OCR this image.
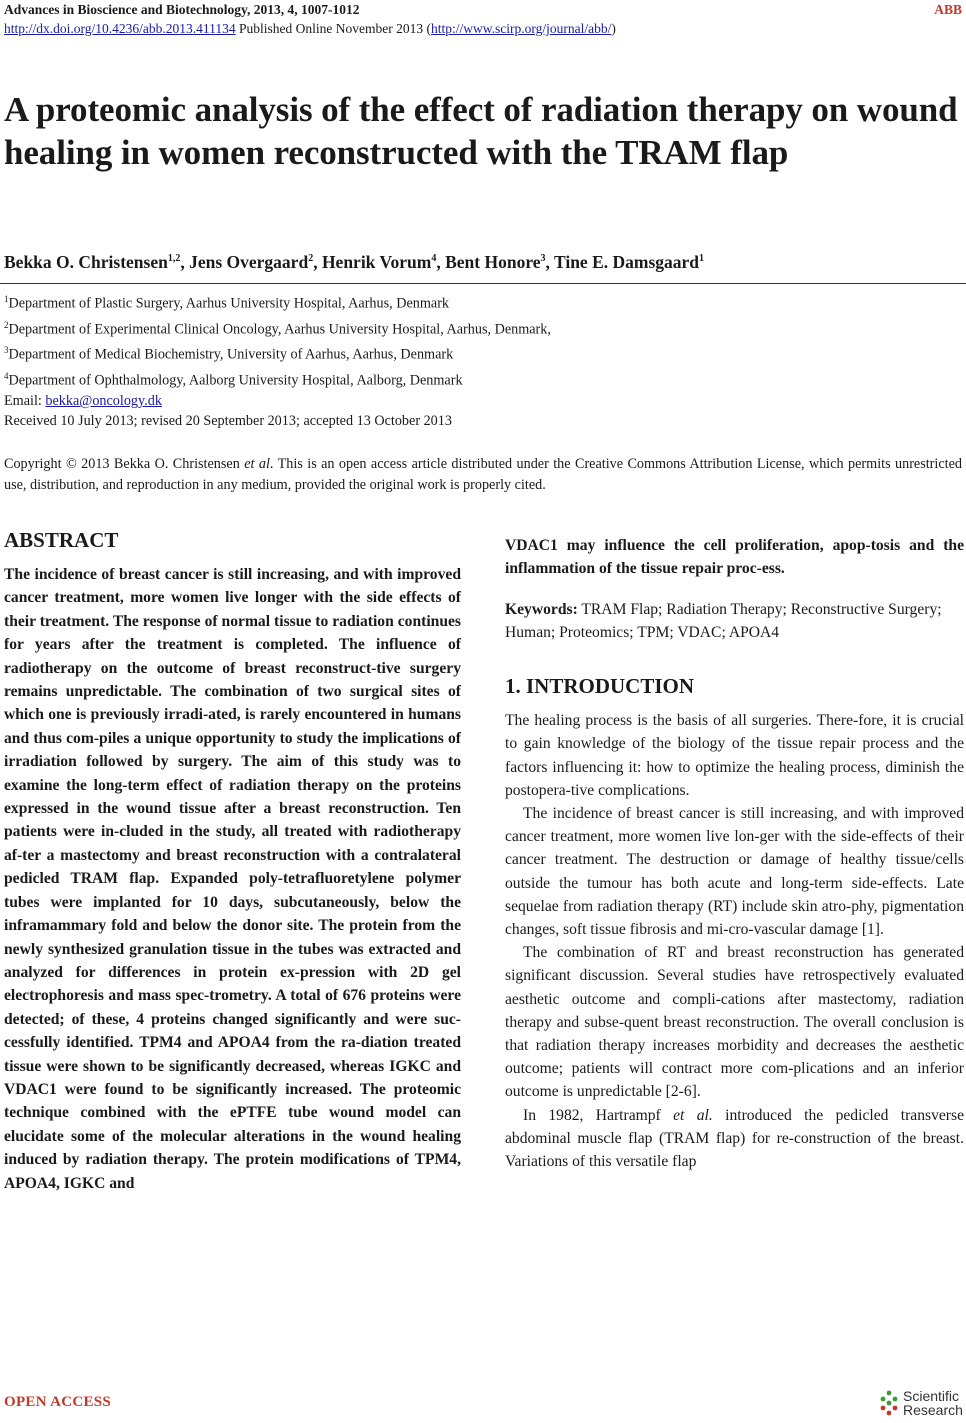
Advances in Bioscience and Biotechnology, 2013, 4, 1007-1012	ABB
http://dx.doi.org/10.4236/abb.2013.411134 Published Online November 2013 (http://www.scirp.org/journal/abb/)
A proteomic analysis of the effect of radiation therapy on wound healing in women reconstructed with the TRAM flap

Bekka O. Christensen$^{1,2}$, Jens Overgaard$^2$, Henrik Vorum$^4$, Bent Honore$^3$, Tine E. Damsgaard$^1$

$^1$Department of Plastic Surgery, Aarhus University Hospital, Aarhus, Denmark
$^2$Department of Experimental Clinical Oncology, Aarhus University Hospital, Aarhus, Denmark,
$^3$Department of Medical Biochemistry, University of Aarhus, Aarhus, Denmark
$^4$Department of Ophthalmology, Aalborg University Hospital, Aalborg, Denmark
Email: bekka@oncology.dk
Received 10 July 2013; revised 20 September 2013; accepted 13 October 2013
Copyright © 2013 Bekka O. Christensen et al. This is an open access article distributed under the Creative Commons Attribution License, which permits unrestricted use, distribution, and reproduction in any medium, provided the original work is properly cited.
ABSTRACT

The incidence of breast cancer is still increasing, and with improved cancer treatment, more women live longer with the side effects of their treatment. The response of normal tissue to radiation continues for years after the treatment is completed. The influence of radiotherapy on the outcome of breast reconstruct-tive surgery remains unpredictable. The combination of two surgical sites of which one is previously irradi-ated, is rarely encountered in humans and thus com-piles a unique opportunity to study the implications of irradiation followed by surgery. The aim of this study was to examine the long-term effect of radiation therapy on the proteins expressed in the wound tissue after a breast reconstruction. Ten patients were in-cluded in the study, all treated with radiotherapy af-ter a mastectomy and breast reconstruction with a contralateral pedicled TRAM flap. Expanded poly-tetrafluoretylene polymer tubes were implanted for 10 days, subcutaneously, below the inframammary fold and below the donor site. The protein from the newly synthesized granulation tissue in the tubes was extracted and analyzed for differences in protein ex-pression with 2D gel electrophoresis and mass spec-trometry. A total of 676 proteins were detected; of these, 4 proteins changed significantly and were suc-cessfully identified. TPM4 and APOA4 from the ra-diation treated tissue were shown to be significantly decreased, whereas IGKC and VDAC1 were found to be significantly increased. The proteomic technique combined with the ePTFE tube wound model can elucidate some of the molecular alterations in the wound healing induced by radiation therapy. The protein modifications of TPM4, APOA4, IGKC and

VDAC1 may influence the cell proliferation, apop-tosis and the inflammation of the tissue repair proc-ess.

Keywords: TRAM Flap; Radiation Therapy; Reconstructive Surgery; Human; Proteomics; TPM; VDAC; APOA4

1. INTRODUCTION

The healing process is the basis of all surgeries. There-fore, it is crucial to gain knowledge of the biology of the tissue repair process and the factors influencing it: how to optimize the healing process, diminish the postopera-tive complications.

The incidence of breast cancer is still increasing, and with improved cancer treatment, more women live lon-ger with the side-effects of their cancer treatment. The destruction or damage of healthy tissue/cells outside the tumour has both acute and long-term side-effects. Late sequelae from radiation therapy (RT) include skin atro-phy, pigmentation changes, soft tissue fibrosis and mi-cro-vascular damage [1].

The combination of RT and breast reconstruction has generated significant discussion. Several studies have retrospectively evaluated aesthetic outcome and compli-cations after mastectomy, radiation therapy and subse-quent breast reconstruction. The overall conclusion is that radiation therapy increases morbidity and decreases the aesthetic outcome; patients will contract more com-plications and an inferior outcome is unpredictable [2-6].

In 1982, Hartrampf et al. introduced the pedicled transverse abdominal muscle flap (TRAM flap) for re-construction of the breast. Variations of this versatile flap

OPEN ACCESS	Scientific
Research
